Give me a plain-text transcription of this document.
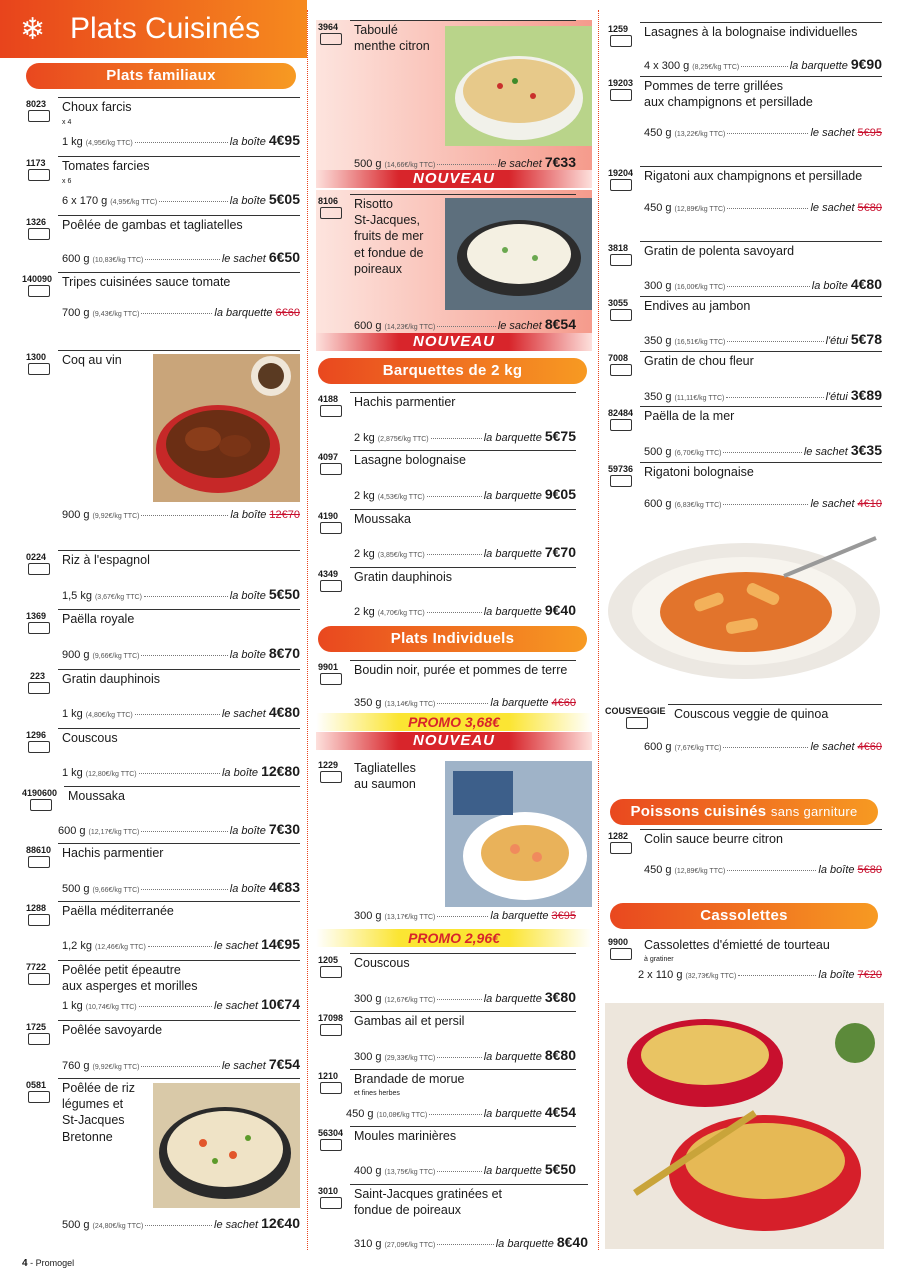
❄ Plats Cuisinés
Plats familiaux
8023 Choux farcis
x 4
1 kg (4,95€/kg TTC)	la boîte 4€95
1173 Tomates farcies
x 6
6 x 170 g (4,95€/kg TTC)	la boîte 5€05
1326 Poêlée de gambas et tagliatelles
600 g (10,83€/kg TTC)	le sachet 6€50
140090 Tripes cuisinées sauce tomate
700 g (9,43€/kg TTC)	la barquette 6€60
1300 Coq au vin
900 g (9,92€/kg TTC)	la boîte 12€70
0224 Riz à l'espagnol
1,5 kg (3,67€/kg TTC)	la boîte 5€50
1369 Paëlla royale
900 g (9,66€/kg TTC)	la boîte 8€70
223 Gratin dauphinois
1 kg (4,80€/kg TTC)	le sachet 4€80
1296 Couscous
1 kg (12,80€/kg TTC)	la boîte 12€80
4190600 Moussaka
600 g (12,17€/kg TTC)	la boîte 7€30
88610 Hachis parmentier
500 g (9,66€/kg TTC)	la boîte 4€83
1288 Paëlla méditerranée
1,2 kg (12,46€/kg TTC)	le sachet 14€95
7722 Poêlée petit épeautre
aux asperges et morilles
1 kg (10,74€/kg TTC)	le sachet 10€74
1725 Poêlée savoyarde
760 g (9,92€/kg TTC)	le sachet 7€54
0581 Poêlée de riz
légumes et
St-Jacques
Bretonne
500 g (24,80€/kg TTC)	le sachet 12€40
3964 Taboulé
menthe citron
500 g (14,66€/kg TTC)	le sachet 7€33
NOUVEAU
8106 Risotto
St-Jacques,
fruits de mer
et fondue de
poireaux
600 g (14,23€/kg TTC)	le sachet 8€54
NOUVEAU
Barquettes de 2 kg
4188 Hachis parmentier
2 kg (2,875€/kg TTC)	la barquette 5€75
4097 Lasagne bolognaise
2 kg (4,53€/kg TTC)	la barquette 9€05
4190 Moussaka
2 kg (3,85€/kg TTC)	la barquette 7€70
4349 Gratin dauphinois
2 kg (4,70€/kg TTC)	la barquette 9€40
Plats Individuels
9901 Boudin noir, purée et pommes de terre
350 g (13,14€/kg TTC)	la barquette 4€60
PROMO 3,68€
NOUVEAU
1229 Tagliatelles
au saumon
300 g (13,17€/kg TTC)	la barquette 3€95
PROMO 2,96€
1205 Couscous
300 g (12,67€/kg TTC)	la barquette 3€80
17098 Gambas ail et persil
300 g (29,33€/kg TTC)	la barquette 8€80
1210 Brandade de morue
et fines herbes
450 g (10,08€/kg TTC)	la barquette 4€54
56304 Moules marinières
400 g (13,75€/kg TTC)	la barquette 5€50
3010 Saint-Jacques gratinées et
fondue de poireaux
310 g (27,09€/kg TTC)	la barquette 8€40
1259 Lasagnes à la bolognaise individuelles
4 x 300 g (8,25€/kg TTC)	la barquette 9€90
19203 Pommes de terre grillées
aux champignons et persillade
450 g (13,22€/kg TTC)	le sachet 5€95
19204 Rigatoni aux champignons et persillade
450 g (12,89€/kg TTC)	le sachet 5€80
3818 Gratin de polenta savoyard
300 g (16,00€/kg TTC)	la boîte 4€80
3055 Endives au jambon
350 g (16,51€/kg TTC)	l'étui 5€78
7008 Gratin de chou fleur
350 g (11,11€/kg TTC)	l'étui 3€89
82484 Paëlla de la mer
500 g (6,70€/kg TTC)	le sachet 3€35
59736 Rigatoni bolognaise
600 g (6,83€/kg TTC)	le sachet 4€10
COUSVEGGIE Couscous veggie de quinoa
600 g (7,67€/kg TTC)	le sachet 4€60
Poissons cuisinés sans garniture
1282 Colin sauce beurre citron
450 g (12,89€/kg TTC)	la boîte 5€80
Cassolettes
9900 Cassolettes d'émietté de tourteau
à gratiner
2 x 110 g (32,73€/kg TTC)	la boîte 7€20
4 - Promogel
